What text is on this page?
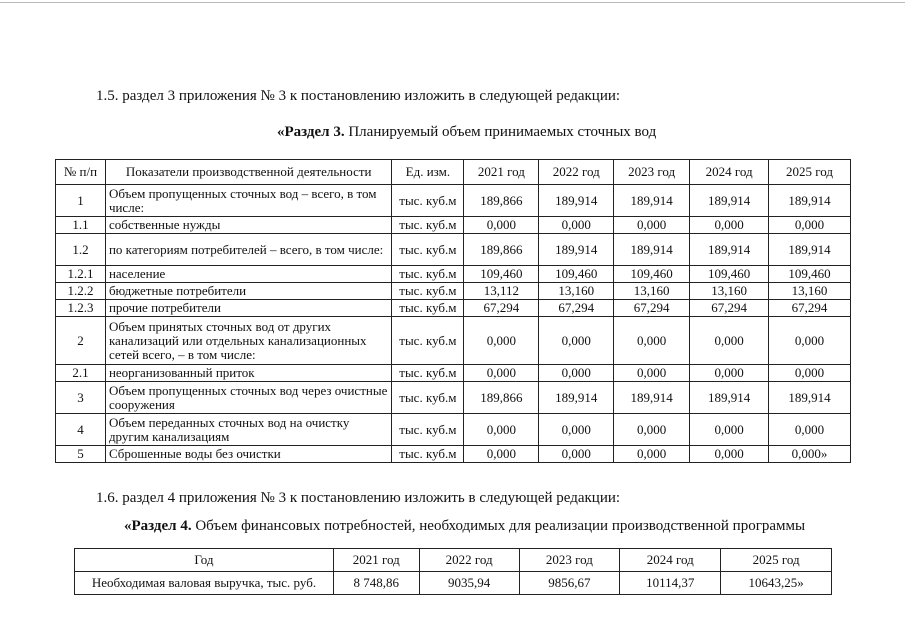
1.5. раздел 3 приложения № 3 к постановлению изложить в следующей редакции:
«Раздел 3. Планируемый объем принимаемых сточных вод
№ п/п	Показатели производственной деятельности	Ед. изм.	2021 год	2022 год	2023 год	2024 год	2025 год
1	Объем пропущенных сточных вод – всего, в том числе:	тыс. куб.м	189,866	189,914	189,914	189,914	189,914
1.1	собственные нужды	тыс. куб.м	0,000	0,000	0,000	0,000	0,000
1.2	по категориям потребителей – всего, в том числе:	тыс. куб.м	189,866	189,914	189,914	189,914	189,914
1.2.1	население	тыс. куб.м	109,460	109,460	109,460	109,460	109,460
1.2.2	бюджетные потребители	тыс. куб.м	13,112	13,160	13,160	13,160	13,160
1.2.3	прочие потребители	тыс. куб.м	67,294	67,294	67,294	67,294	67,294
2	Объем принятых сточных вод от других канализаций или отдельных канализационных сетей всего, – в том числе:	тыс. куб.м	0,000	0,000	0,000	0,000	0,000
2.1	неорганизованный приток	тыс. куб.м	0,000	0,000	0,000	0,000	0,000
3	Объем пропущенных сточных вод через очистные сооружения	тыс. куб.м	189,866	189,914	189,914	189,914	189,914
4	Объем переданных сточных вод на очистку другим канализациям	тыс. куб.м	0,000	0,000	0,000	0,000	0,000
5	Сброшенные воды без очистки	тыс. куб.м	0,000	0,000	0,000	0,000	0,000»
1.6. раздел 4 приложения № 3 к постановлению изложить в следующей редакции:
«Раздел 4. Объем финансовых потребностей, необходимых для реализации производственной программы
Год	2021 год	2022 год	2023 год	2024 год	2025 год
Необходимая валовая выручка, тыс. руб.	8 748,86	9035,94	9856,67	10114,37	10643,25»
